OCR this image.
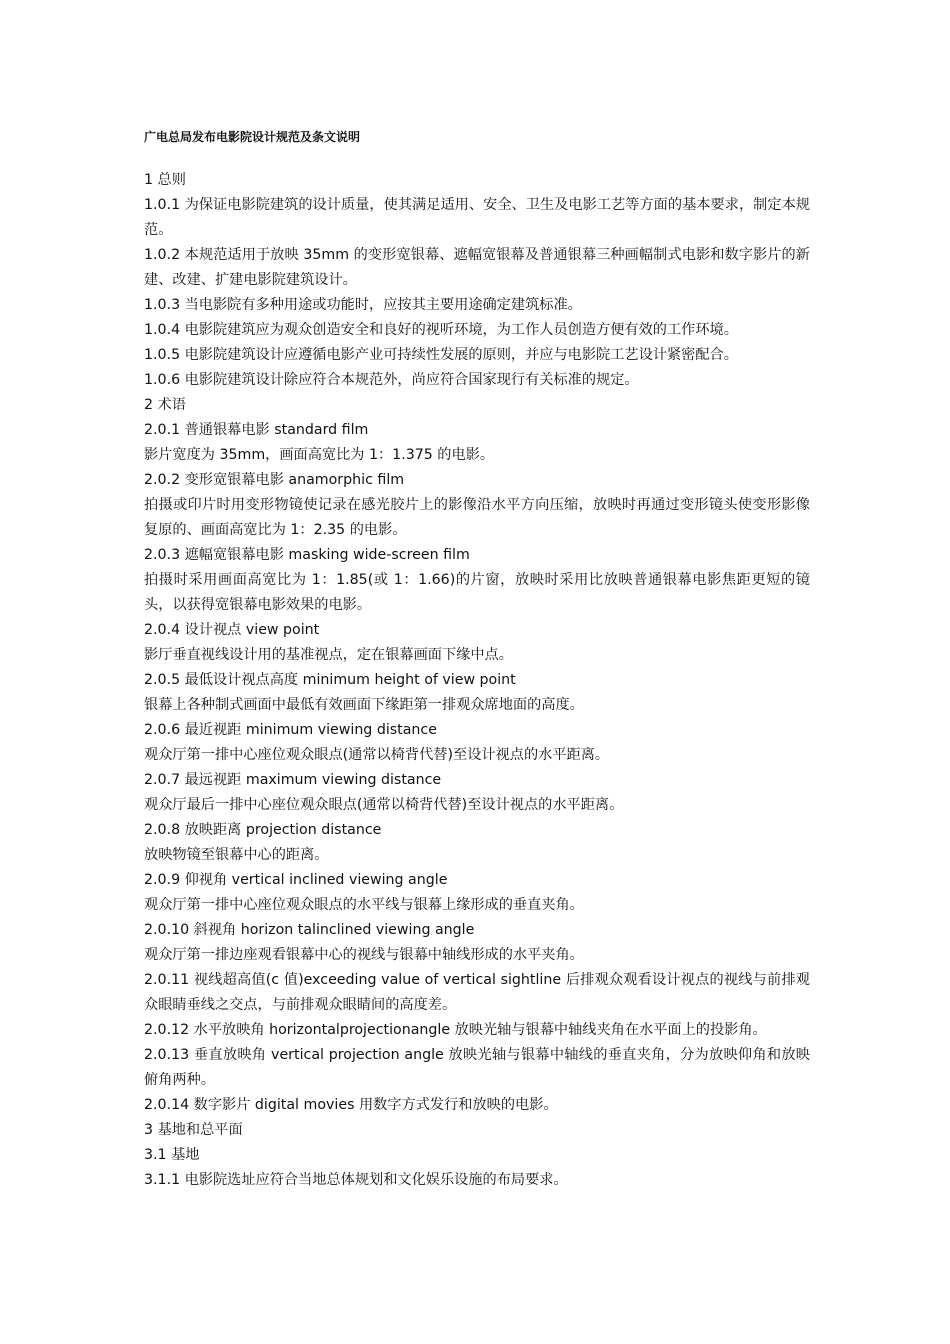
广电总局发布电影院设计规范及条文说明

1 总则

1.0.1 为保证电影院建筑的设计质量，使其满足适用、安全、卫生及电影工艺等方面的基本要求，制定本规范。

1.0.2 本规范适用于放映 35mm 的变形宽银幕、遮幅宽银幕及普通银幕三种画幅制式电影和数字影片的新建、改建、扩建电影院建筑设计。

1.0.3 当电影院有多种用途或功能时，应按其主要用途确定建筑标准。

1.0.4 电影院建筑应为观众创造安全和良好的视听环境，为工作人员创造方便有效的工作环境。

1.0.5 电影院建筑设计应遵循电影产业可持续性发展的原则，并应与电影院工艺设计紧密配合。

1.0.6 电影院建筑设计除应符合本规范外，尚应符合国家现行有关标准的规定。

2 术语

2.0.1 普通银幕电影 standard film

影片宽度为 35mm，画面高宽比为 1：1.375 的电影。

2.0.2 变形宽银幕电影 anamorphic film

拍摄或印片时用变形物镜使记录在感光胶片上的影像沿水平方向压缩，放映时再通过变形镜头使变形影像复原的、画面高宽比为 1：2.35 的电影。

2.0.3 遮幅宽银幕电影 masking wide-screen film

拍摄时采用画面高宽比为 1：1.85(或 1：1.66)的片窗，放映时采用比放映普通银幕电影焦距更短的镜头，以获得宽银幕电影效果的电影。

2.0.4 设计视点 view point

影厅垂直视线设计用的基准视点，定在银幕画面下缘中点。

2.0.5 最低设计视点高度 minimum height of view point

银幕上各种制式画面中最低有效画面下缘距第一排观众席地面的高度。

2.0.6 最近视距 minimum viewing distance

观众厅第一排中心座位观众眼点(通常以椅背代替)至设计视点的水平距离。

2.0.7 最远视距 maximum viewing distance

观众厅最后一排中心座位观众眼点(通常以椅背代替)至设计视点的水平距离。

2.0.8 放映距离 projection distance

放映物镜至银幕中心的距离。

2.0.9 仰视角 vertical inclined viewing angle

观众厅第一排中心座位观众眼点的水平线与银幕上缘形成的垂直夹角。

2.0.10 斜视角 horizon talinclined viewing angle

观众厅第一排边座观看银幕中心的视线与银幕中轴线形成的水平夹角。

2.0.11 视线超高值(c 值)exceeding value of vertical sightline 后排观众观看设计视点的视线与前排观众眼睛垂线之交点，与前排观众眼睛间的高度差。

2.0.12 水平放映角 horizontalprojectionangle 放映光轴与银幕中轴线夹角在水平面上的投影角。

2.0.13 垂直放映角 vertical projection angle 放映光轴与银幕中轴线的垂直夹角，分为放映仰角和放映俯角两种。

2.0.14 数字影片 digital movies 用数字方式发行和放映的电影。

3 基地和总平面

3.1 基地

3.1.1 电影院选址应符合当地总体规划和文化娱乐设施的布局要求。
